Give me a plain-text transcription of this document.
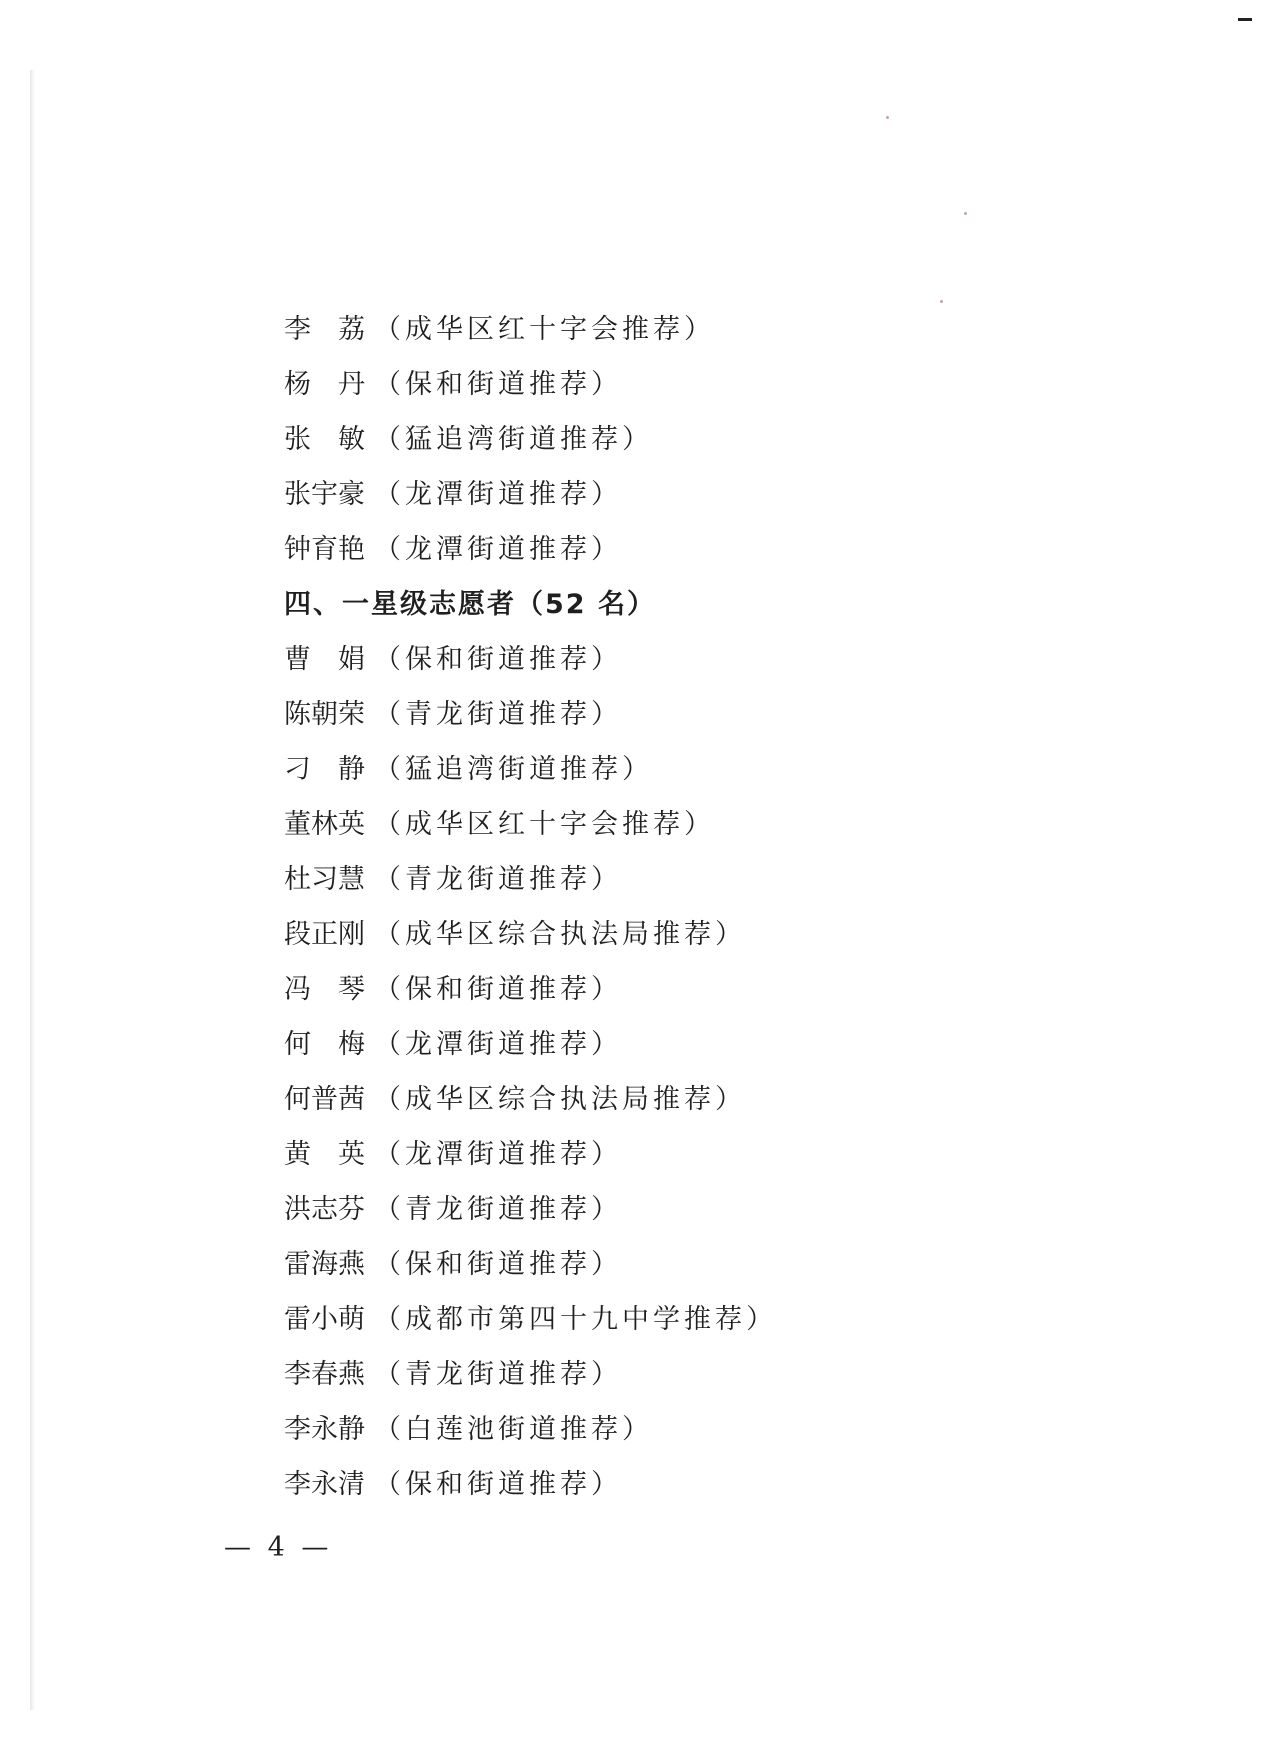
李　荔 （成华区红十字会推荐）
杨　丹 （保和街道推荐）
张　敏 （猛追湾街道推荐）
张宇豪 （龙潭街道推荐）
钟育艳 （龙潭街道推荐）
四、一星级志愿者（52 名）
曹　娟 （保和街道推荐）
陈朝荣 （青龙街道推荐）
刁　静 （猛追湾街道推荐）
董林英 （成华区红十字会推荐）
杜习慧 （青龙街道推荐）
段正刚 （成华区综合执法局推荐）
冯　琴 （保和街道推荐）
何　梅 （龙潭街道推荐）
何普茜 （成华区综合执法局推荐）
黄　英 （龙潭街道推荐）
洪志芬 （青龙街道推荐）
雷海燕 （保和街道推荐）
雷小萌 （成都市第四十九中学推荐）
李春燕 （青龙街道推荐）
李永静 （白莲池街道推荐）
李永清 （保和街道推荐）
— 4 —
